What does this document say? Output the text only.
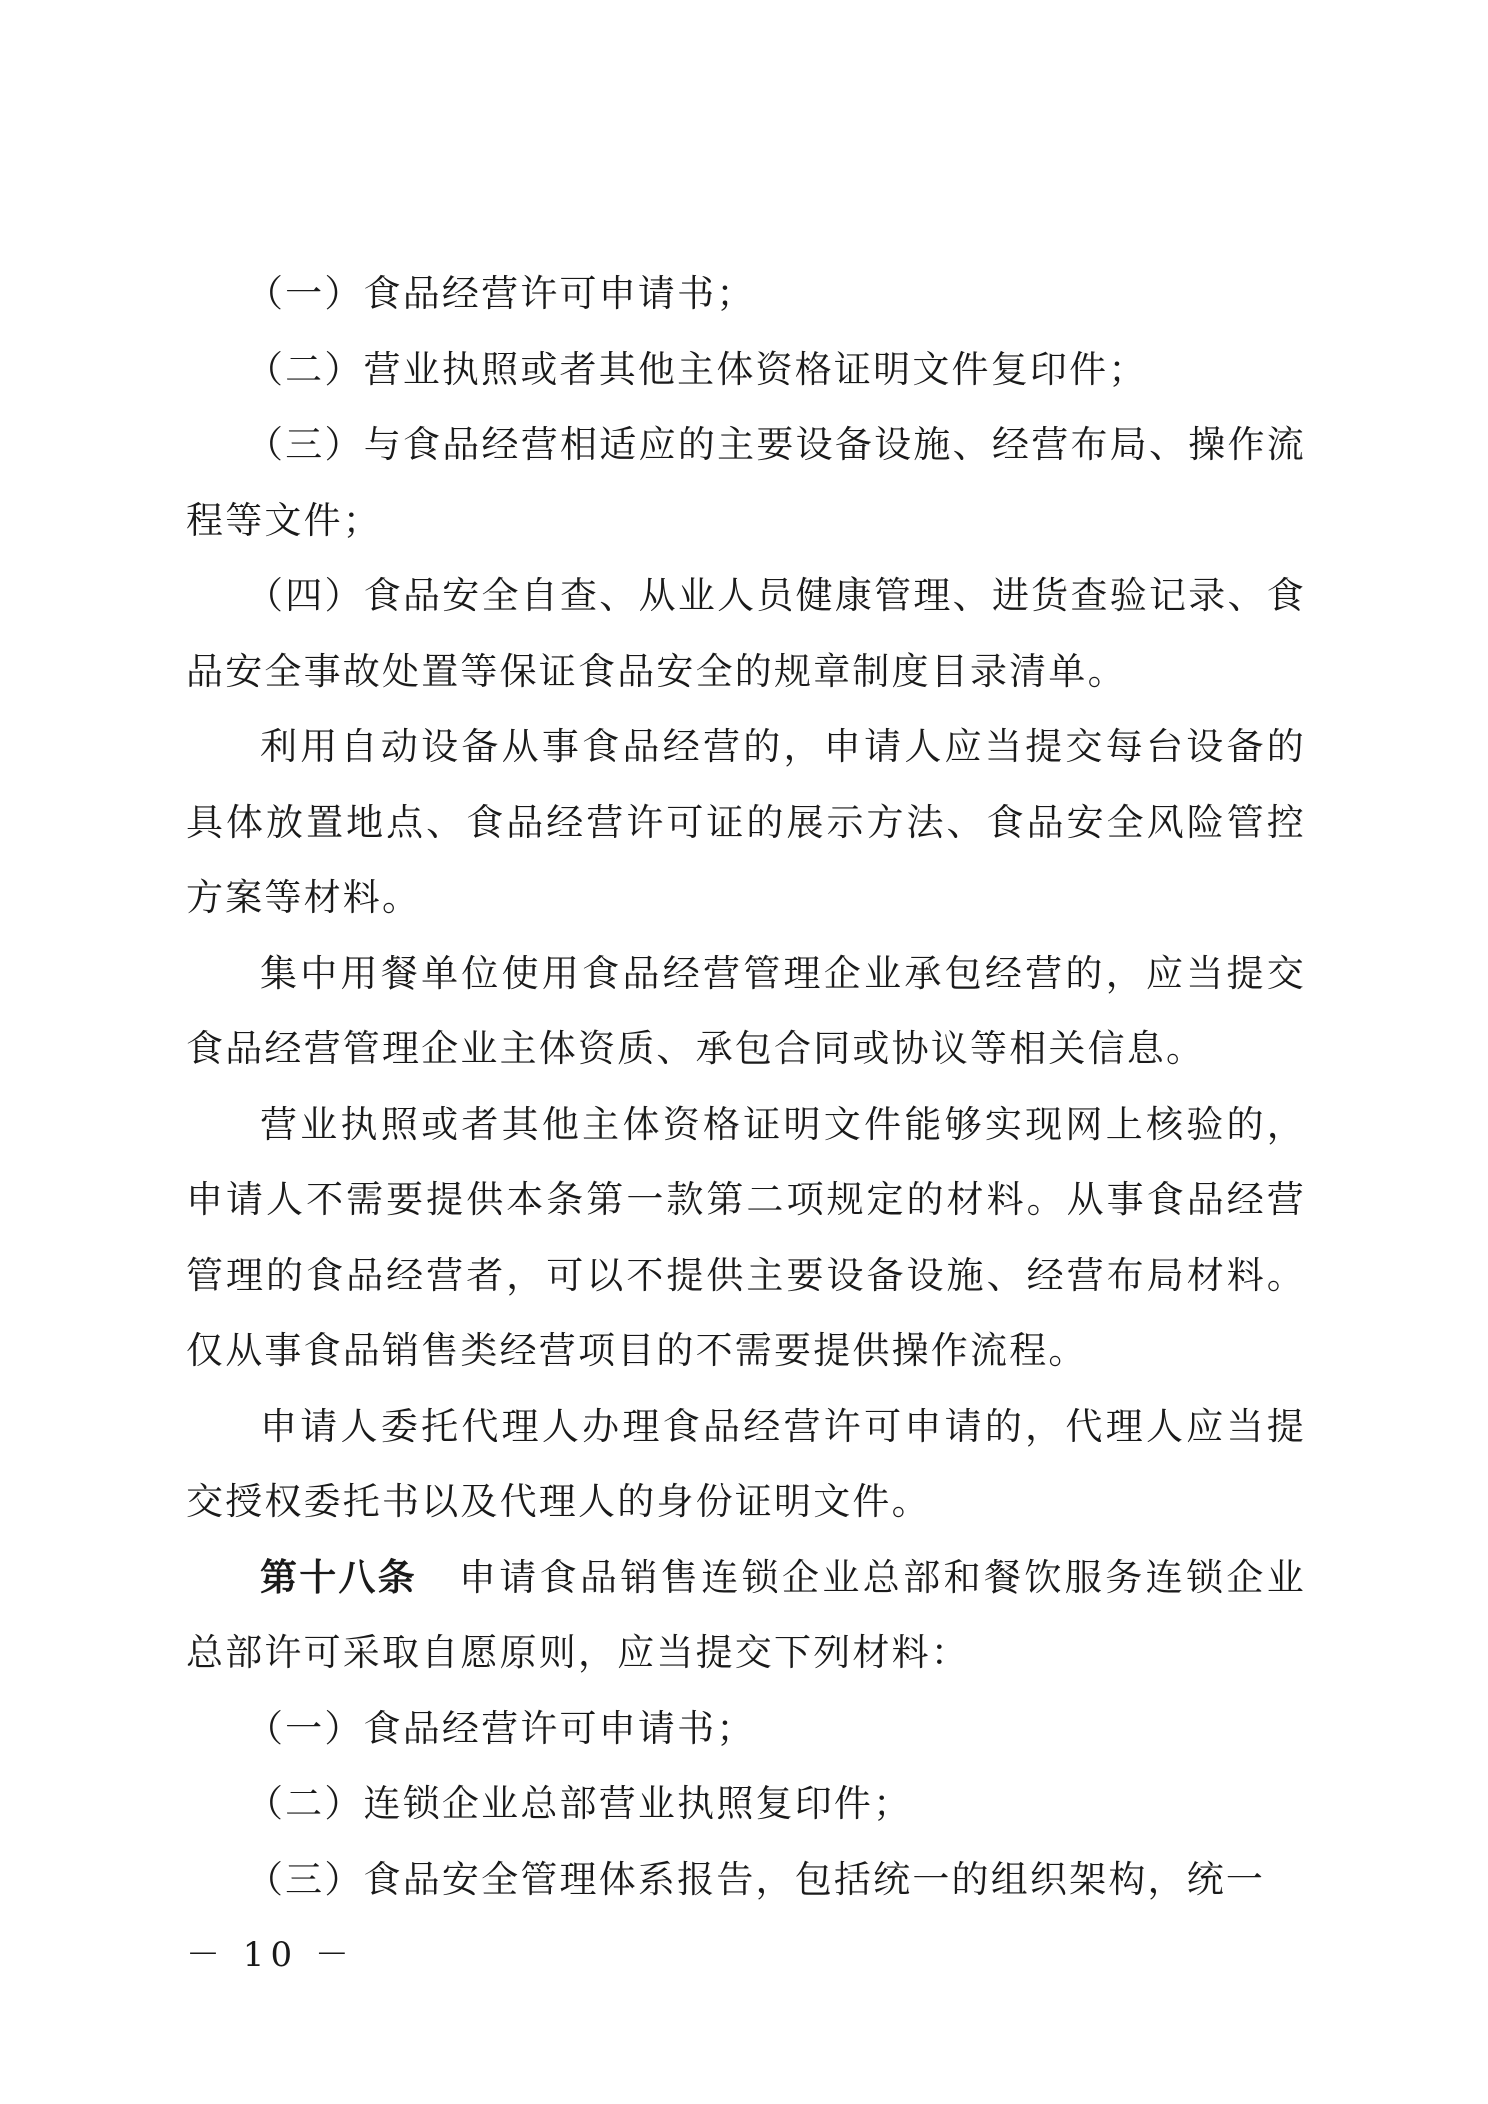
（一）食品经营许可申请书；

（二）营业执照或者其他主体资格证明文件复印件；

（三）与食品经营相适应的主要设备设施、经营布局、操作流程等文件；

（四）食品安全自查、从业人员健康管理、进货查验记录、食品安全事故处置等保证食品安全的规章制度目录清单。

利用自动设备从事食品经营的，申请人应当提交每台设备的具体放置地点、食品经营许可证的展示方法、食品安全风险管控方案等材料。

集中用餐单位使用食品经营管理企业承包经营的，应当提交食品经营管理企业主体资质、承包合同或协议等相关信息。

营业执照或者其他主体资格证明文件能够实现网上核验的，申请人不需要提供本条第一款第二项规定的材料。从事食品经营管理的食品经营者，可以不提供主要设备设施、经营布局材料。仅从事食品销售类经营项目的不需要提供操作流程。

申请人委托代理人办理食品经营许可申请的，代理人应当提交授权委托书以及代理人的身份证明文件。

第十八条 申请食品销售连锁企业总部和餐饮服务连锁企业总部许可采取自愿原则，应当提交下列材料：

（一）食品经营许可申请书；

（二）连锁企业总部营业执照复印件；

（三）食品安全管理体系报告，包括统一的组织架构，统一

－ 10 －
